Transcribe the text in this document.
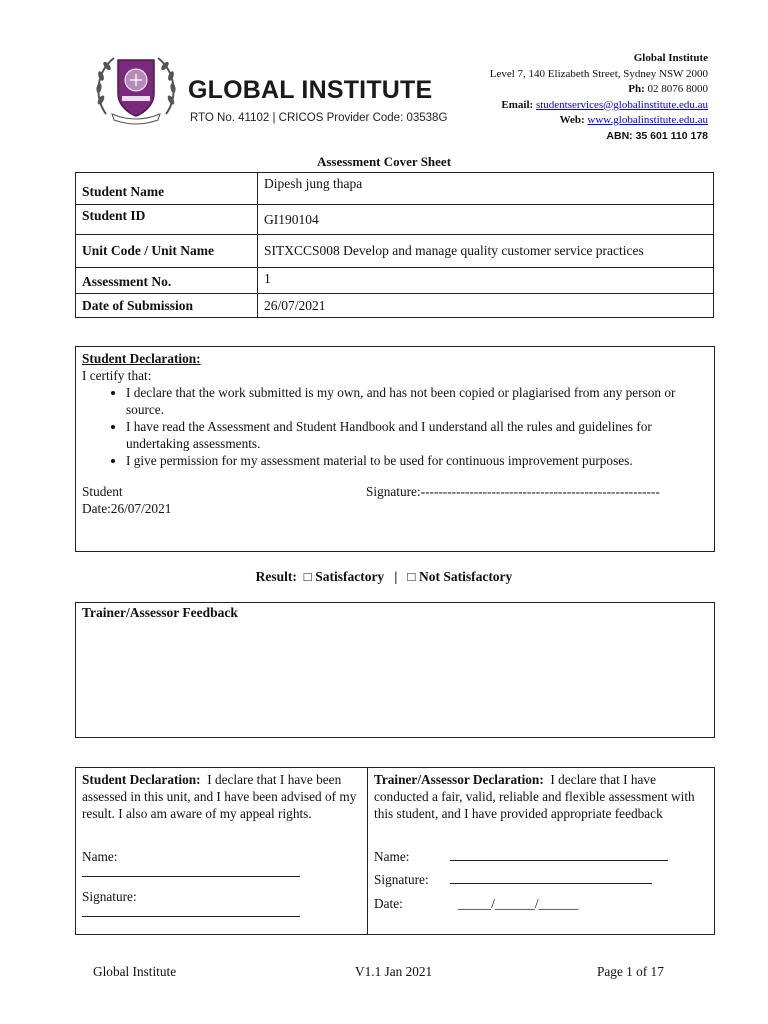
GLOBAL INSTITUTE
RTO No. 41102 | CRICOS Provider Code: 03538G
Global Institute
Level 7, 140 Elizabeth Street, Sydney NSW 2000
Ph: 02 8076 8000
Email: studentservices@globalinstitute.edu.au
Web: www.globalinstitute.edu.au
ABN: 35 601 110 178
Assessment Cover Sheet
Student Name	Dipesh jung thapa
Student ID	GI190104
Unit Code / Unit Name	SITXCCS008 Develop and manage quality customer service practices
Assessment No.	1
Date of Submission	26/07/2021
Student Declaration:
I certify that:
• I declare that the work submitted is my own, and has not been copied or plagiarised from any person or source.
• I have read the Assessment and Student Handbook and I understand all the rules and guidelines for undertaking assessments.
• I give permission for my assessment material to be used for continuous improvement purposes.
Student	Signature:------------------------------------------------------
Date:26/07/2021
Result: □ Satisfactory | □ Not Satisfactory
Trainer/Assessor Feedback
Student Declaration: I declare that I have been assessed in this unit, and I have been advised of my result. I also am aware of my appeal rights.
Name:
Signature:
Trainer/Assessor Declaration: I declare that I have conducted a fair, valid, reliable and flexible assessment with this student, and I have provided appropriate feedback
Name:
Signature:
Date:	_____/______/______
Global Institute	V1.1 Jan 2021	Page 1 of 17
